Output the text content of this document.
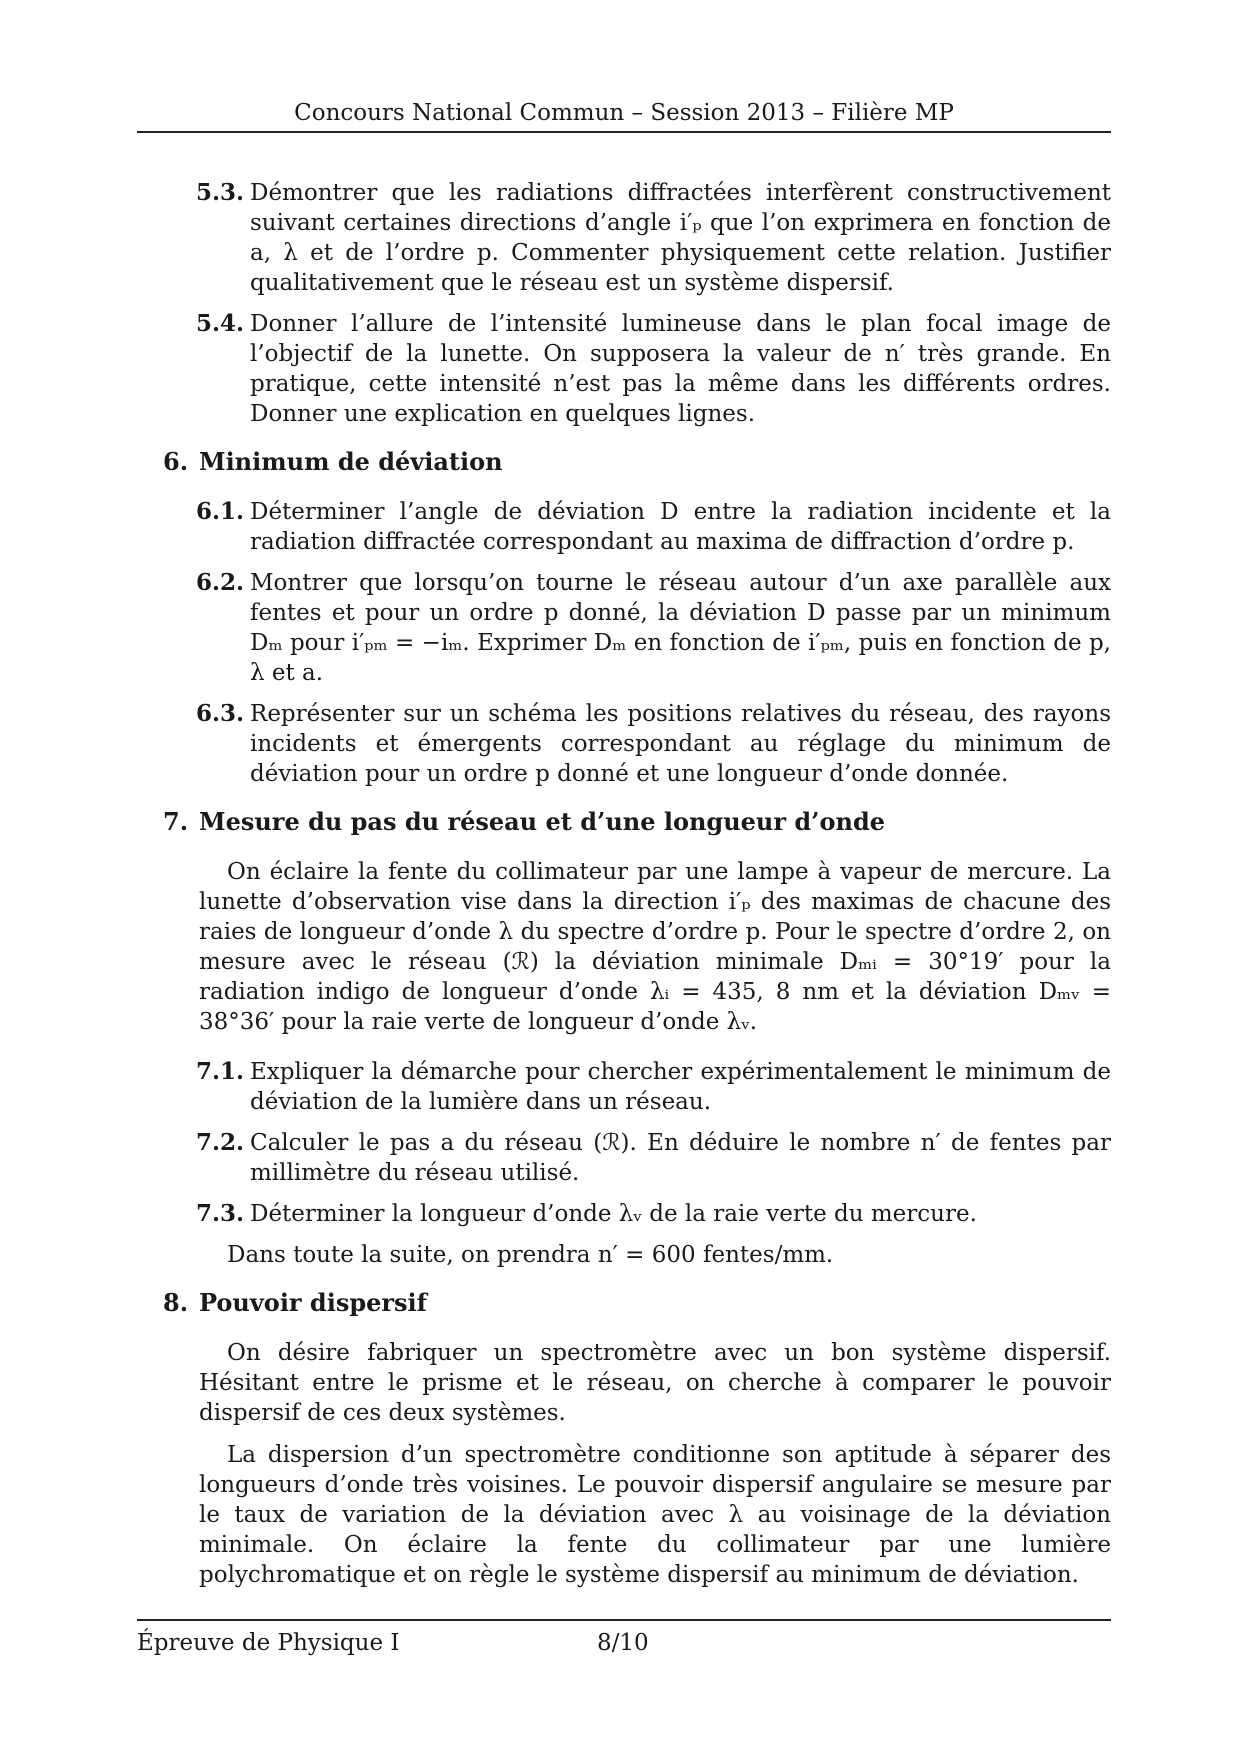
Concours National Commun – Session 2013 – Filière MP
5.3. Démontrer que les radiations diffractées interfèrent constructivement suivant certaines directions d’angle i′ₚ que l’on exprimera en fonction de a, λ et de l’ordre p. Commenter physiquement cette relation. Justifier qualitativement que le réseau est un système dispersif.
5.4. Donner l’allure de l’intensité lumineuse dans le plan focal image de l’objectif de la lunette. On supposera la valeur de n′ très grande. En pratique, cette intensité n’est pas la même dans les différents ordres. Donner une explication en quelques lignes.
6. Minimum de déviation
6.1. Déterminer l’angle de déviation D entre la radiation incidente et la radiation diffractée correspondant au maxima de diffraction d’ordre p.
6.2. Montrer que lorsqu’on tourne le réseau autour d’un axe parallèle aux fentes et pour un ordre p donné, la déviation D passe par un minimum Dₘ pour i′ₚₘ = −iₘ. Exprimer Dₘ en fonction de i′ₚₘ, puis en fonction de p, λ et a.
6.3. Représenter sur un schéma les positions relatives du réseau, des rayons incidents et émergents correspondant au réglage du minimum de déviation pour un ordre p donné et une longueur d’onde donnée.
7. Mesure du pas du réseau et d’une longueur d’onde
On éclaire la fente du collimateur par une lampe à vapeur de mercure. La lunette d’observation vise dans la direction i′ₚ des maximas de chacune des raies de longueur d’onde λ du spectre d’ordre p. Pour le spectre d’ordre 2, on mesure avec le réseau (ℛ) la déviation minimale Dₘᵢ = 30°19′ pour la radiation indigo de longueur d’onde λᵢ = 435, 8 nm et la déviation Dₘᵥ = 38°36′ pour la raie verte de longueur d’onde λᵥ.
7.1. Expliquer la démarche pour chercher expérimentalement le minimum de déviation de la lumière dans un réseau.
7.2. Calculer le pas a du réseau (ℛ). En déduire le nombre n′ de fentes par millimètre du réseau utilisé.
7.3. Déterminer la longueur d’onde λᵥ de la raie verte du mercure.
Dans toute la suite, on prendra n′ = 600 fentes/mm.
8. Pouvoir dispersif
On désire fabriquer un spectromètre avec un bon système dispersif. Hésitant entre le prisme et le réseau, on cherche à comparer le pouvoir dispersif de ces deux systèmes.
La dispersion d’un spectromètre conditionne son aptitude à séparer des longueurs d’onde très voisines. Le pouvoir dispersif angulaire se mesure par le taux de variation de la déviation avec λ au voisinage de la déviation minimale. On éclaire la fente du collimateur par une lumière polychromatique et on règle le système dispersif au minimum de déviation.
Épreuve de Physique I	8/10
